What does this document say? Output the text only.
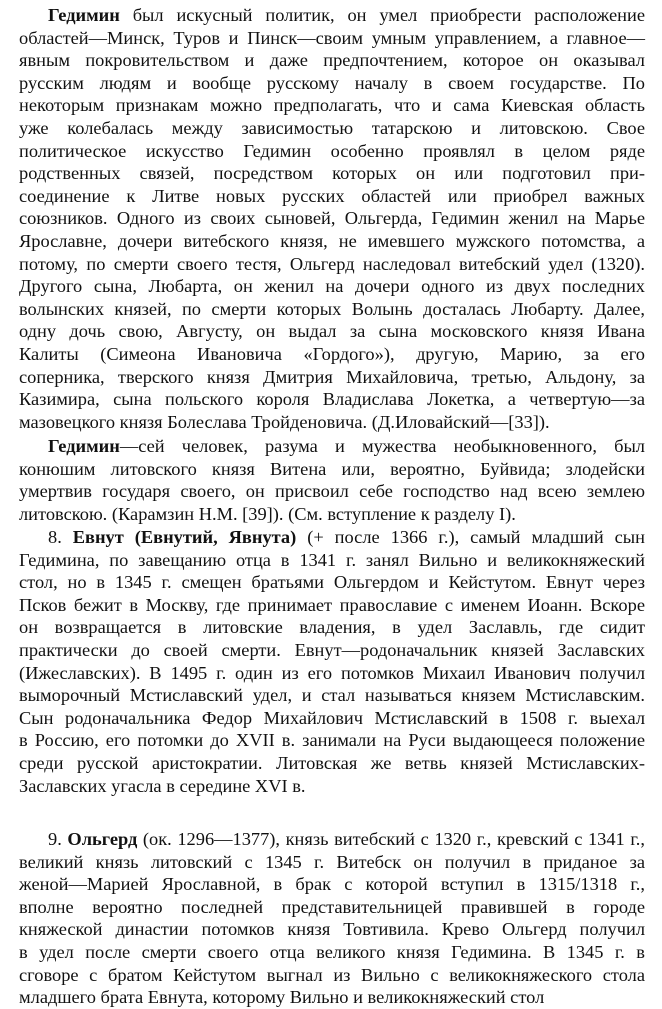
Гедимин был искусный политик, он умел приобрести расположение
областей—Минск, Туров и Пинск—своим умным управлением, а главное—
явным покровительством и даже предпочтением, которое он оказывал
русским людям и вообще русскому началу в своем государстве. По
некоторым признакам можно предполагать, что и сама Киевская область
уже колебалась между зависимостью татарскою и литовскою. Свое
политическое искусство Гедимин особенно проявлял в целом ряде
родственных связей, посредством которых он или подготовил при-
соединение к Литве новых русских областей или приобрел важных
союзников. Одного из своих сыновей, Ольгерда, Гедимин женил на Марье
Ярославне, дочери витебского князя, не имевшего мужского потомства, а
потому, по смерти своего тестя, Ольгерд наследовал витебский удел (1320).
Другого сына, Любарта, он женил на дочери одного из двух последних
волынских князей, по смерти которых Волынь досталась Любарту. Далее,
одну дочь свою, Августу, он выдал за сына московского князя Ивана
Калиты (Симеона Ивановича «Гордого»), другую, Марию, за его
соперника, тверского князя Дмитрия Михайловича, третью, Альдону, за
Казимира, сына польского короля Владислава Локетка, а четвертую—за
мазовецкого князя Болеслава Тройденовича. (Д.Иловайский—[33]).
Гедимин—сей человек, разума и мужества необыкновенного, был
конюшим литовского князя Витена или, вероятно, Буйвида; злодейски
умертвив государя своего, он присвоил себе господство над всею землею
литовскою. (Карамзин Н.М. [39]). (См. вступление к разделу I).
8. Евнут (Евнутий, Явнута) (+ после 1366 г.), самый младший сын
Гедимина, по завещанию отца в 1341 г. занял Вильно и великокняжеский
стол, но в 1345 г. смещен братьями Ольгердом и Кейстутом. Евнут через
Псков бежит в Москву, где принимает православие с именем Иоанн. Вскоре
он возвращается в литовские владения, в удел Заславль, где сидит
практически до своей смерти. Евнут—родоначальник князей Заславских
(Ижеславских). В 1495 г. один из его потомков Михаил Иванович получил
выморочный Мстиславский удел, и стал называться князем Мстиславским.
Сын родоначальника Федор Михайлович Мстиславский в 1508 г. выехал
в Россию, его потомки до XVII в. занимали на Руси выдающееся положение
среди русской аристократии. Литовская же ветвь князей Мстиславских-
Заславских угасла в середине XVI в.
9. Ольгерд (ок. 1296—1377), князь витебский с 1320 г., кревский с 1341 г.,
великий князь литовский с 1345 г. Витебск он получил в приданое за
женой—Марией Ярославной, в брак с которой вступил в 1315/1318 г.,
вполне вероятно последней представительницей правившей в городе
княжеской династии потомков князя Товтивила. Крево Ольгерд получил
в удел после смерти своего отца великого князя Гедимина. В 1345 г. в
сговоре с братом Кейстутом выгнал из Вильно с великокняжеского стола
младшего брата Евнута, которому Вильно и великокняжеский стол
